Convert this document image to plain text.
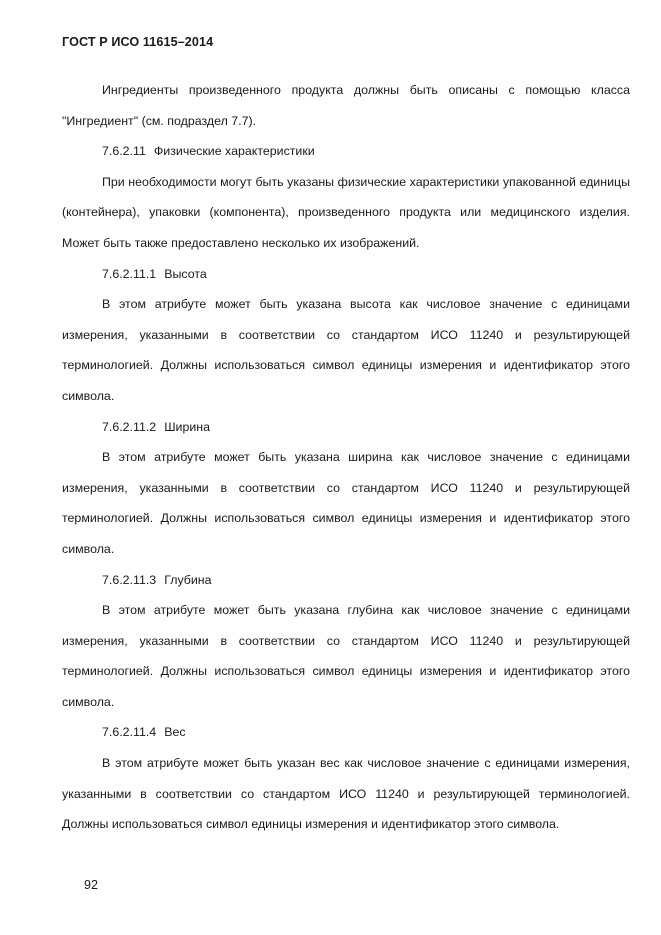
ГОСТ Р ИСО 11615–2014

Ингредиенты произведенного продукта должны быть описаны с помощью класса "Ингредиент" (см. подраздел 7.7).

7.6.2.11 Физические характеристики

При необходимости могут быть указаны физические характеристики упакованной единицы (контейнера), упаковки (компонента), произведенного продукта или медицинского изделия. Может быть также предоставлено несколько их изображений.

7.6.2.11.1 Высота

В этом атрибуте может быть указана высота как числовое значение с единицами измерения, указанными в соответствии со стандартом ИСО 11240 и результирующей терминологией. Должны использоваться символ единицы измерения и идентификатор этого символа.

7.6.2.11.2 Ширина

В этом атрибуте может быть указана ширина как числовое значение с единицами измерения, указанными в соответствии со стандартом ИСО 11240 и результирующей терминологией. Должны использоваться символ единицы измерения и идентификатор этого символа.

7.6.2.11.3 Глубина

В этом атрибуте может быть указана глубина как числовое значение с единицами измерения, указанными в соответствии со стандартом ИСО 11240 и результирующей терминологией. Должны использоваться символ единицы измерения и идентификатор этого символа.

7.6.2.11.4 Вес

В этом атрибуте может быть указан вес как числовое значение с единицами измерения, указанными в соответствии со стандартом ИСО 11240 и результирующей терминологией. Должны использоваться символ единицы измерения и идентификатор этого символа.

92
